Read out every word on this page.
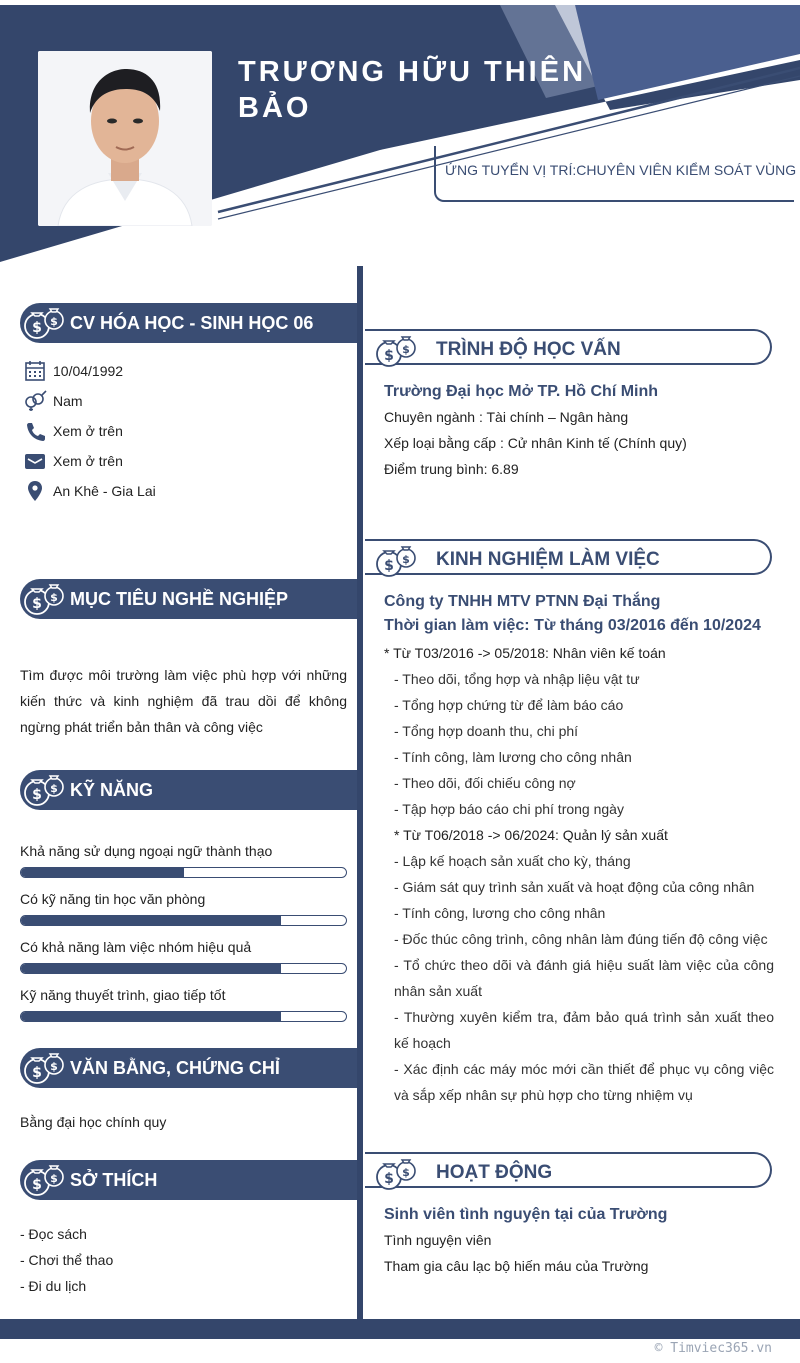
TRƯƠNG HỮU THIÊN BẢO
ỨNG TUYỂN VỊ TRÍ:CHUYÊN VIÊN KIỂM SOÁT VÙNG
CV HÓA HỌC - SINH HỌC 06
10/04/1992
Nam
Xem ở trên
Xem ở trên
An Khê - Gia Lai
MỤC TIÊU NGHỀ NGHIỆP
Tìm được môi trường làm việc phù hợp với những kiến thức và kinh nghiệm đã trau dồi để không ngừng phát triển bản thân và công việc
KỸ NĂNG
Khả năng sử dụng ngoại ngữ thành thạo
Có kỹ năng tin học văn phòng
Có khả năng làm việc nhóm hiệu quả
Kỹ năng thuyết trình, giao tiếp tốt
VĂN BẰNG, CHỨNG CHỈ
Bằng đại học chính quy
SỞ THÍCH
- Đọc sách
- Chơi thể thao
- Đi du lịch
TRÌNH ĐỘ HỌC VẤN
Trường Đại học Mở TP. Hồ Chí Minh
Chuyên ngành : Tài chính – Ngân hàng
Xếp loại bằng cấp : Cử nhân Kinh tế (Chính quy)
Điểm trung bình: 6.89
KINH NGHIỆM LÀM VIỆC
Công ty TNHH MTV PTNN Đại Thắng
Thời gian làm việc: Từ tháng 03/2016 đến 10/2024
* Từ T03/2016 -> 05/2018: Nhân viên kế toán
- Theo dõi, tổng hợp và nhập liệu vật tư
- Tổng hợp chứng từ để làm báo cáo
- Tổng hợp doanh thu, chi phí
- Tính công, làm lương cho công nhân
- Theo dõi, đối chiếu công nợ
- Tập hợp báo cáo chi phí trong ngày
* Từ T06/2018 -> 06/2024: Quản lý sản xuất
- Lập kế hoạch sản xuất cho kỳ, tháng
- Giám sát quy trình sản xuất và hoạt động của công nhân
- Tính công, lương cho công nhân
- Đốc thúc công trình, công nhân làm đúng tiến độ công việc
- Tổ chức theo dõi và đánh giá hiệu suất làm việc của công nhân sản xuất
- Thường xuyên kiểm tra, đảm bảo quá trình sản xuất theo kế hoạch
- Xác định các máy móc mới cần thiết để phục vụ công việc và sắp xếp nhân sự phù hợp cho từng nhiệm vụ
HOẠT ĐỘNG
Sinh viên tình nguyện tại của Trường
Tình nguyện viên
Tham gia câu lạc bộ hiến máu của Trường
© Timviec365.vn
